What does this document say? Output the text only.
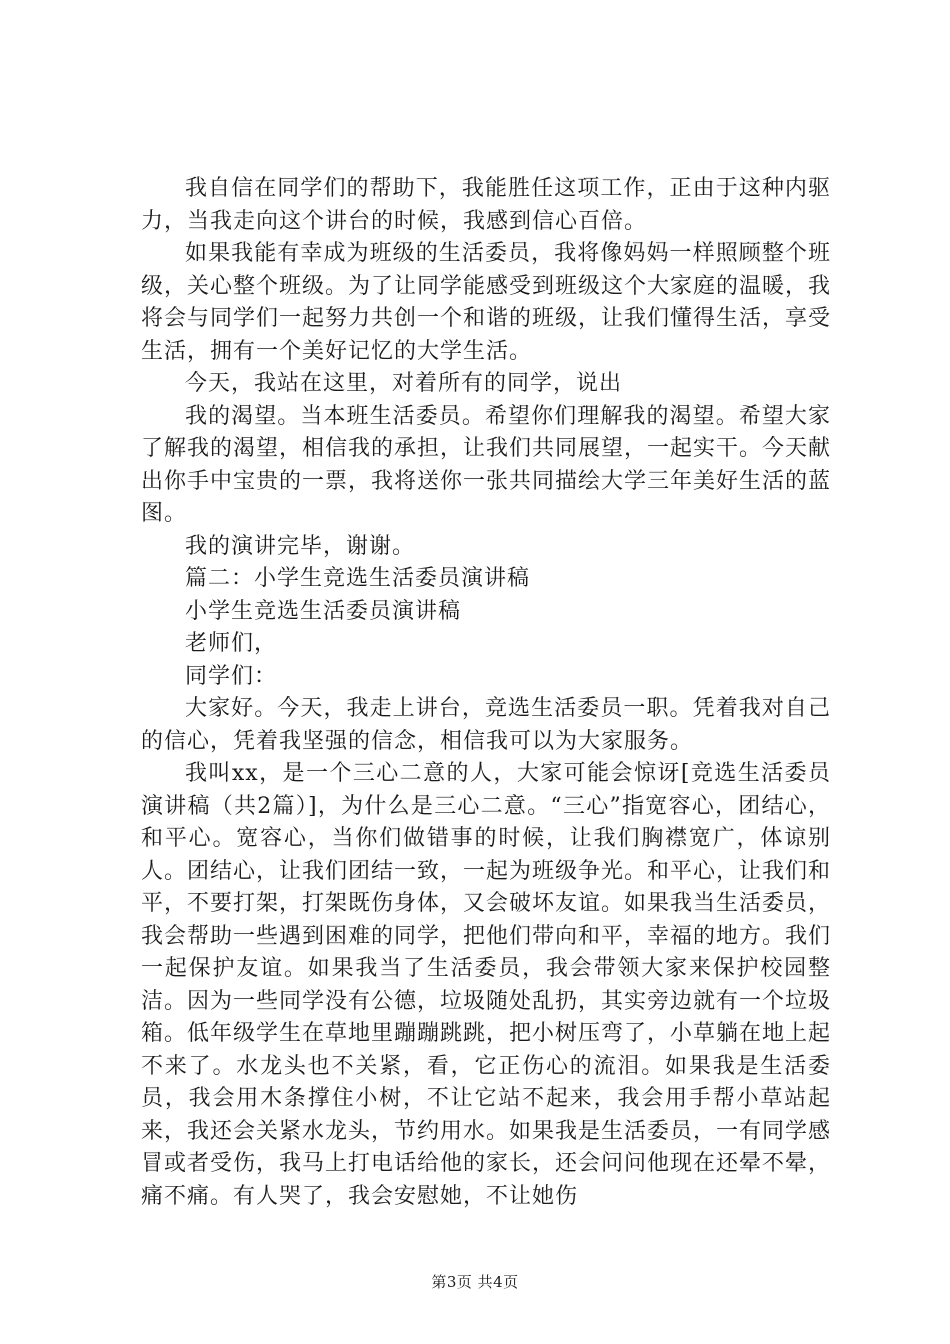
我自信在同学们的帮助下，我能胜任这项工作，正由于这种内驱力，当我走向这个讲台的时候，我感到信心百倍。

如果我能有幸成为班级的生活委员，我将像妈妈一样照顾整个班级，关心整个班级。为了让同学能感受到班级这个大家庭的温暖，我将会与同学们一起努力共创一个和谐的班级，让我们懂得生活，享受生活，拥有一个美好记忆的大学生活。

今天，我站在这里，对着所有的同学，说出

我的渴望。当本班生活委员。希望你们理解我的渴望。希望大家了解我的渴望，相信我的承担，让我们共同展望，一起实干。今天献出你手中宝贵的一票，我将送你一张共同描绘大学三年美好生活的蓝图。

我的演讲完毕，谢谢。

篇二：小学生竞选生活委员演讲稿

小学生竞选生活委员演讲稿

老师们，

同学们：

大家好。今天，我走上讲台，竞选生活委员一职。凭着我对自己的信心，凭着我坚强的信念，相信我可以为大家服务。

我叫xx，是一个三心二意的人，大家可能会惊讶[竞选生活委员演讲稿（共2篇）]，为什么是三心二意。“三心”指宽容心，团结心，和平心。宽容心，当你们做错事的时候，让我们胸襟宽广，体谅别人。团结心，让我们团结一致，一起为班级争光。和平心，让我们和平，不要打架，打架既伤身体，又会破坏友谊。如果我当生活委员，我会帮助一些遇到困难的同学，把他们带向和平，幸福的地方。我们一起保护友谊。如果我当了生活委员，我会带领大家来保护校园整洁。因为一些同学没有公德，垃圾随处乱扔，其实旁边就有一个垃圾箱。低年级学生在草地里蹦蹦跳跳，把小树压弯了，小草躺在地上起不来了。水龙头也不关紧，看，它正伤心的流泪。如果我是生活委员，我会用木条撑住小树，不让它站不起来，我会用手帮小草站起来，我还会关紧水龙头，节约用水。如果我是生活委员，一有同学感冒或者受伤，我马上打电话给他的家长，还会问问他现在还晕不晕，痛不痛。有人哭了，我会安慰她，不让她伤

第3页 共4页
